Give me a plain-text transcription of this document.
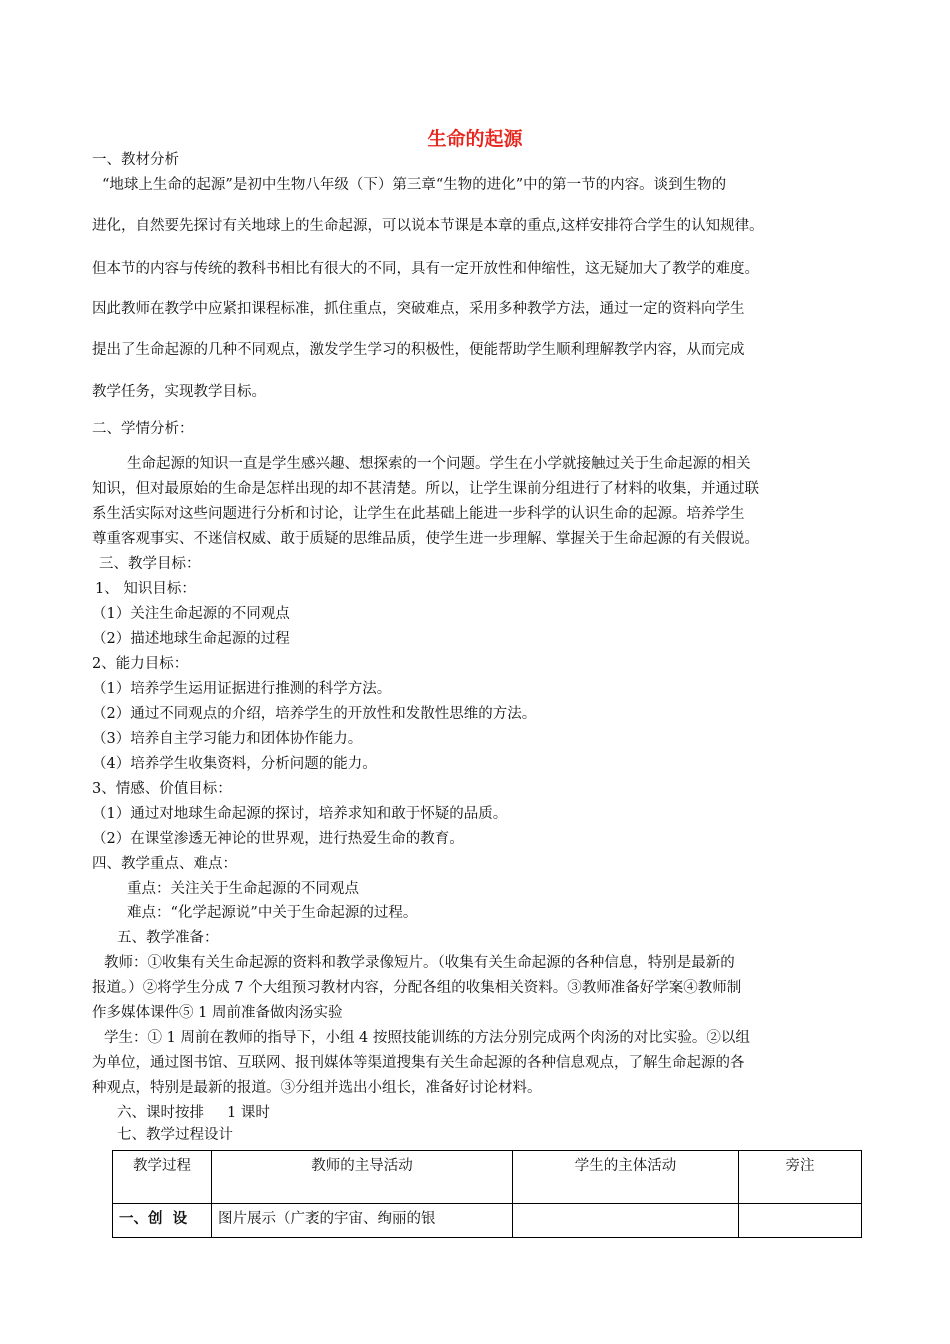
生命的起源
一、教材分析
“地球上生命的起源”是初中生物八年级（下）第三章“生物的进化”中的第一节的内容。谈到生物的
进化，自然要先探讨有关地球上的生命起源，可以说本节课是本章的重点,这样安排符合学生的认知规律。
但本节的内容与传统的教科书相比有很大的不同，具有一定开放性和伸缩性，这无疑加大了教学的难度。
因此教师在教学中应紧扣课程标准，抓住重点，突破难点，采用多种教学方法，通过一定的资料向学生
提出了生命起源的几种不同观点，激发学生学习的积极性，便能帮助学生顺利理解教学内容，从而完成
教学任务，实现教学目标。
二、学情分析：
生命起源的知识一直是学生感兴趣、想探索的一个问题。学生在小学就接触过关于生命起源的相关
知识，但对最原始的生命是怎样出现的却不甚清楚。所以，让学生课前分组进行了材料的收集，并通过联
系生活实际对这些问题进行分析和讨论，让学生在此基础上能进一步科学的认识生命的起源。培养学生
尊重客观事实、不迷信权威、敢于质疑的思维品质，使学生进一步理解、掌握关于生命起源的有关假说。
三、教学目标：
1、 知识目标：
（1）关注生命起源的不同观点
（2）描述地球生命起源的过程
2、能力目标：
（1）培养学生运用证据进行推测的科学方法。
（2）通过不同观点的介绍，培养学生的开放性和发散性思维的方法。
（3）培养自主学习能力和团体协作能力。
（4）培养学生收集资料，分析问题的能力。
3、情感、价值目标：
（1）通过对地球生命起源的探讨，培养求知和敢于怀疑的品质。
（2）在课堂渗透无神论的世界观，进行热爱生命的教育。
四、教学重点、难点：
重点：关注关于生命起源的不同观点
难点：“化学起源说”中关于生命起源的过程。
五、教学准备：
教师：①收集有关生命起源的资料和教学录像短片。（收集有关生命起源的各种信息，特别是最新的
报道。）②将学生分成 7 个大组预习教材内容，分配各组的收集相关资料。③教师准备好学案④教师制
作多媒体课件⑤ 1 周前准备做肉汤实验
学生：① 1 周前在教师的指导下，小组 4 按照技能训练的方法分别完成两个肉汤的对比实验。②以组
为单位，通过图书馆、互联网、报刊媒体等渠道搜集有关生命起源的各种信息观点，了解生命起源的各
种观点，特别是最新的报道。③分组并选出小组长，准备好讨论材料。
六、课时按排     1 课时
七、教学过程设计
教学过程	教师的主导活动	学生的主体活动	旁注
一、创  设	图片展示（广袤的宇宙、绚丽的银		
